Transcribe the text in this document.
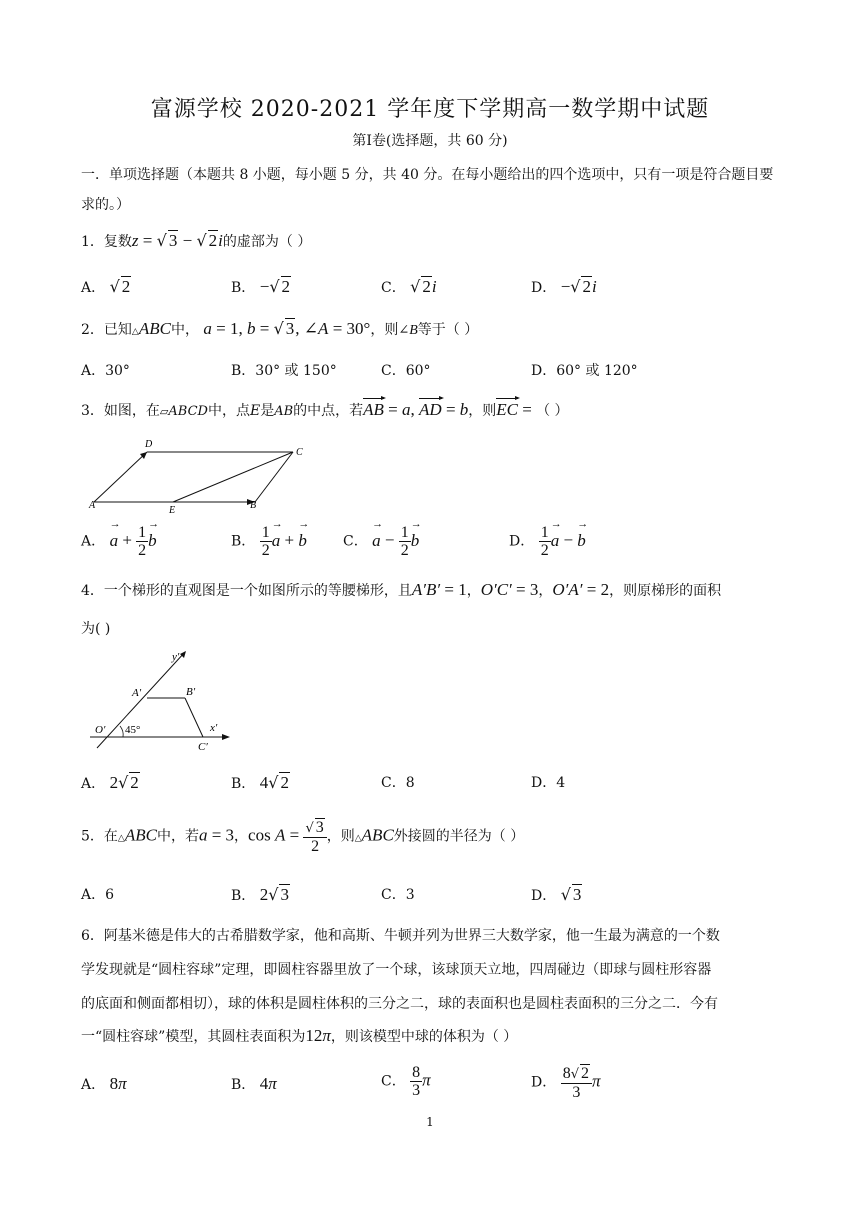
富源学校 2020-2021 学年度下学期高一数学期中试题
第Ⅰ卷(选择题，共 60 分)
一．单项选择题（本题共 8 小题，每小题 5 分，共 40 分。在每小题给出的四个选项中，只有一项是符合题目要求的。）
1．复数z = √ 3 − √ 2i的虚部为（ ）
A． √ 2	B． −√ 2	C． √ 2i	D． −√ 2i
2．已知△ABC中， a = 1, b = √ 3, ∠A = 30°，则∠B等于（ ）
A．30°	B．30° 或 150°	C．60°	D．60° 或 120°
3．如图，在▱ABCD中，点E是AB的中点，若AB = a, AD = b，则EC = （ ）
D
C
A	E	B
A． → $a + \frac{1}{2}$
→ b	B． $\frac{1}{2}$
→ a + → b	C． → $a - \frac{1}{2}$
→ b	D． $\frac{1}{2}$
→ a − → b
4．一个梯形的直观图是一个如图所示的等腰梯形，且A′B′ = 1，O′C′ = 3，O′A′ = 2，则原梯形的面积
为( )
y′
A′	B′
O′ 45°	x′
C′
A． 2√ 2	B． 4√ 2	C．8	D．4
5．在△ABC中，若a = 3，$\cos A = \frac{√ 3}{2}$ ，则△ABC外接圆的半径为（ ）
A．6	B． 2√ 3	C．3	D． √ 3
6．阿基米德是伟大的古希腊数学家，他和高斯、牛顿并列为世界三大数学家，他一生最为满意的一个数
学发现就是“圆柱容球”定理，即圆柱容器里放了一个球，该球顶天立地，四周碰边（即球与圆柱形容器
的底面和侧面都相切），球的体积是圆柱体积的三分之二，球的表面积也是圆柱表面积的三分之二．今有
一“圆柱容球”模型，其圆柱表面积为12π，则该模型中球的体积为（ ）
A． 8π	B． 4π	C． $\frac{8}{3}$ π	D． $\frac{8√ 2}{3}$ π
1
